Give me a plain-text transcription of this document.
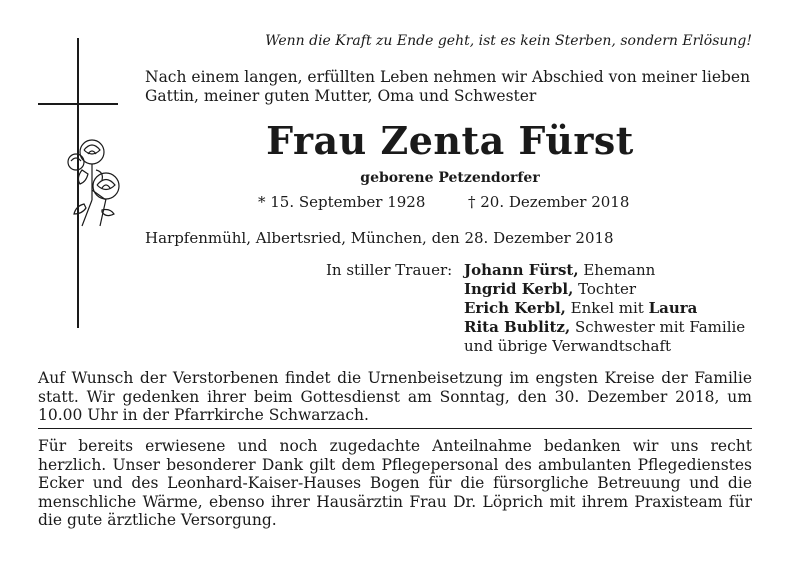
Wenn die Kraft zu Ende geht, ist es kein Sterben, sondern Erlösung!
Nach einem langen, erfüllten Leben nehmen wir Abschied von meiner lieben Gattin, meiner guten Mutter, Oma und Schwester
Frau Zenta Fürst
geborene Petzendorfer
* 15. September 1928	† 20. Dezember 2018
Harpfenmühl, Albertsried, München, den 28. Dezember 2018
In stiller Trauer: Johann Fürst, Ehemann
Ingrid Kerbl, Tochter
Erich Kerbl, Enkel mit Laura
Rita Bublitz, Schwester mit Familie
und übrige Verwandtschaft
Auf Wunsch der Verstorbenen findet die Urnenbeisetzung im engsten Kreise der Familie statt. Wir gedenken ihrer beim Gottesdienst am Sonntag, den 30. Dezember 2018, um 10.00 Uhr in der Pfarrkirche Schwarzach.
Für bereits erwiesene und noch zugedachte Anteilnahme bedanken wir uns recht herzlich. Unser besonderer Dank gilt dem Pflegepersonal des ambulanten Pflegedienstes Ecker und des Leonhard-Kaiser-Hauses Bogen für die fürsorgliche Betreuung und die menschliche Wärme, ebenso ihrer Hausärztin Frau Dr. Löprich mit ihrem Praxisteam für die gute ärztliche Versorgung.
